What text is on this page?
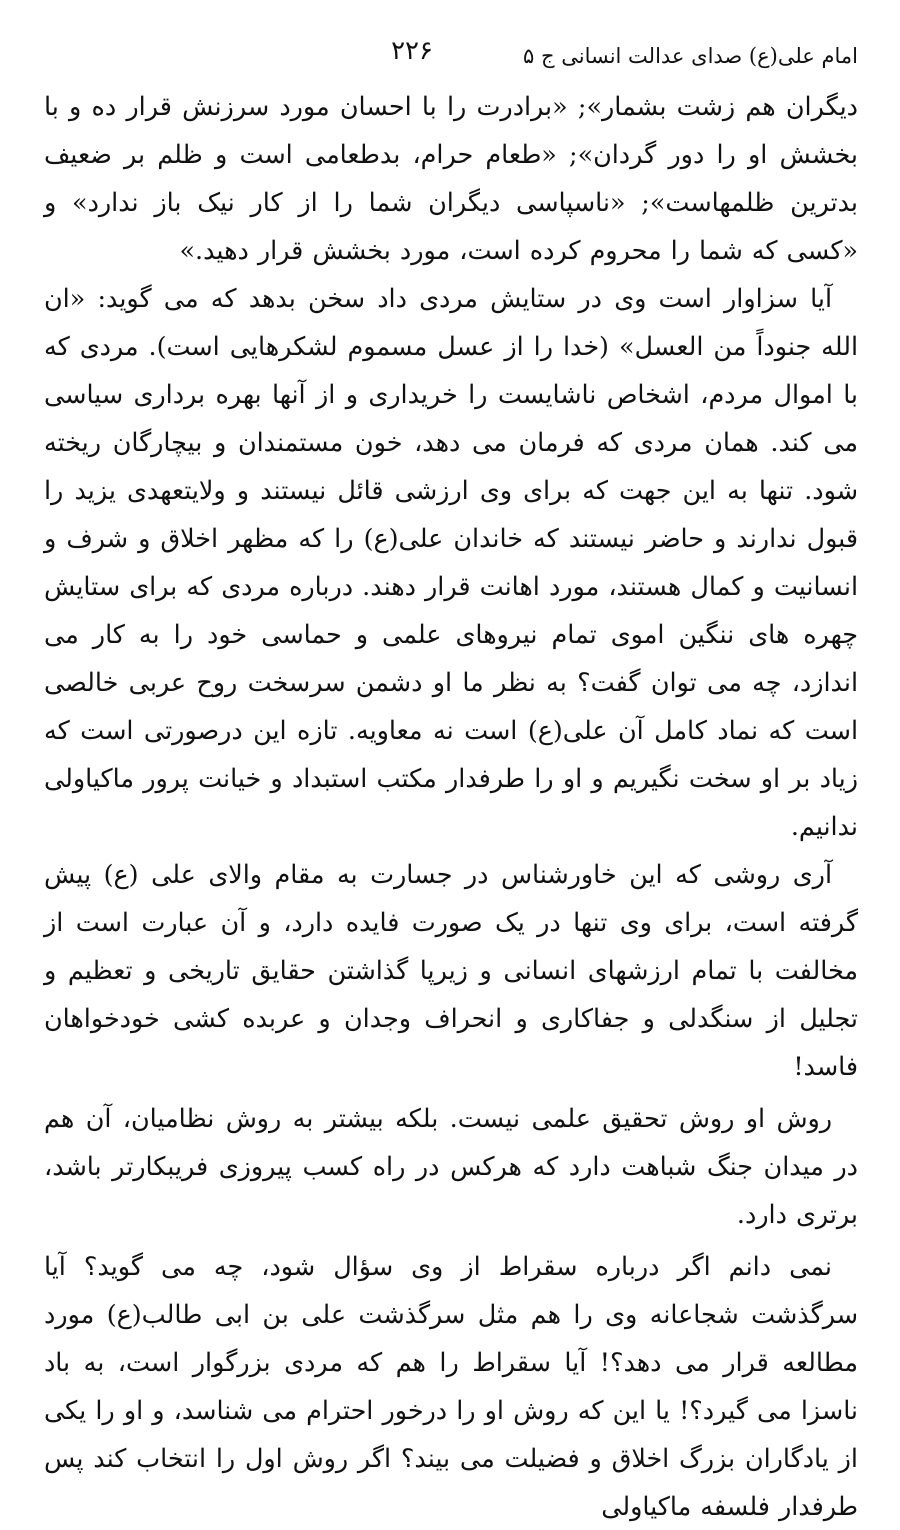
امام علی(ع) صدای عدالت انسانی ج ۵
۲۲۶

دیگران هم زشت بشمار»; «برادرت را با احسان مورد سرزنش قرار ده و با بخشش او را دور گردان»; «طعام حرام، بدطعامی است و ظلم بر ضعیف بدترین ظلمهاست»; «ناسپاسی دیگران شما را از کار نیک باز ندارد» و «کسی که شما را محروم کرده است، مورد بخشش قرار دهید.»

آیا سزاوار است وی در ستایش مردی داد سخن بدهد که می گوید: «ان الله جنوداً من العسل» (خدا را از عسل مسموم لشکرهایی است). مردی که با اموال مردم، اشخاص ناشایست را خریداری و از آنها بهره برداری سیاسی می کند. همان مردی که فرمان می دهد، خون مستمندان و بیچارگان ریخته شود. تنها به این جهت که برای وی ارزشی قائل نیستند و ولایتعهدی یزید را قبول ندارند و حاضر نیستند که خاندان علی(ع) را که مظهر اخلاق و شرف و انسانیت و کمال هستند، مورد اهانت قرار دهند. درباره مردی که برای ستایش چهره های ننگین اموی تمام نیروهای علمی و حماسی خود را به کار می اندازد، چه می توان گفت؟ به نظر ما او دشمن سرسخت روح عربی خالصی است که نماد کامل آن علی(ع) است نه معاویه. تازه این درصورتی است که زیاد بر او سخت نگیریم و او را طرفدار مکتب استبداد و خیانت پرور ماکیاولی ندانیم.

آری روشی که این خاورشناس در جسارت به مقام والای علی (ع) پیش گرفته است، برای وی تنها در یک صورت فایده دارد، و آن عبارت است از مخالفت با تمام ارزشهای انسانی و زیرپا گذاشتن حقایق تاریخی و تعظیم و تجلیل از سنگدلی و جفاکاری و انحراف وجدان و عربده کشی خودخواهان فاسد!

روش او روش تحقیق علمی نیست. بلکه بیشتر به روش نظامیان، آن هم در میدان جنگ شباهت دارد که هرکس در راه کسب پیروزی فریبکارتر باشد، برتری دارد.

نمی دانم اگر درباره سقراط از وی سؤال شود، چه می گوید؟ آیا سرگذشت شجاعانه وی را هم مثل سرگذشت علی بن ابی طالب(ع) مورد مطالعه قرار می دهد؟! آیا سقراط را هم که مردی بزرگوار است، به باد ناسزا می گیرد؟! یا این که روش او را درخور احترام می شناسد، و او را یکی از یادگاران بزرگ اخلاق و فضیلت می بیند؟ اگر روش اول را انتخاب کند پس طرفدار فلسفه ماکیاولی
